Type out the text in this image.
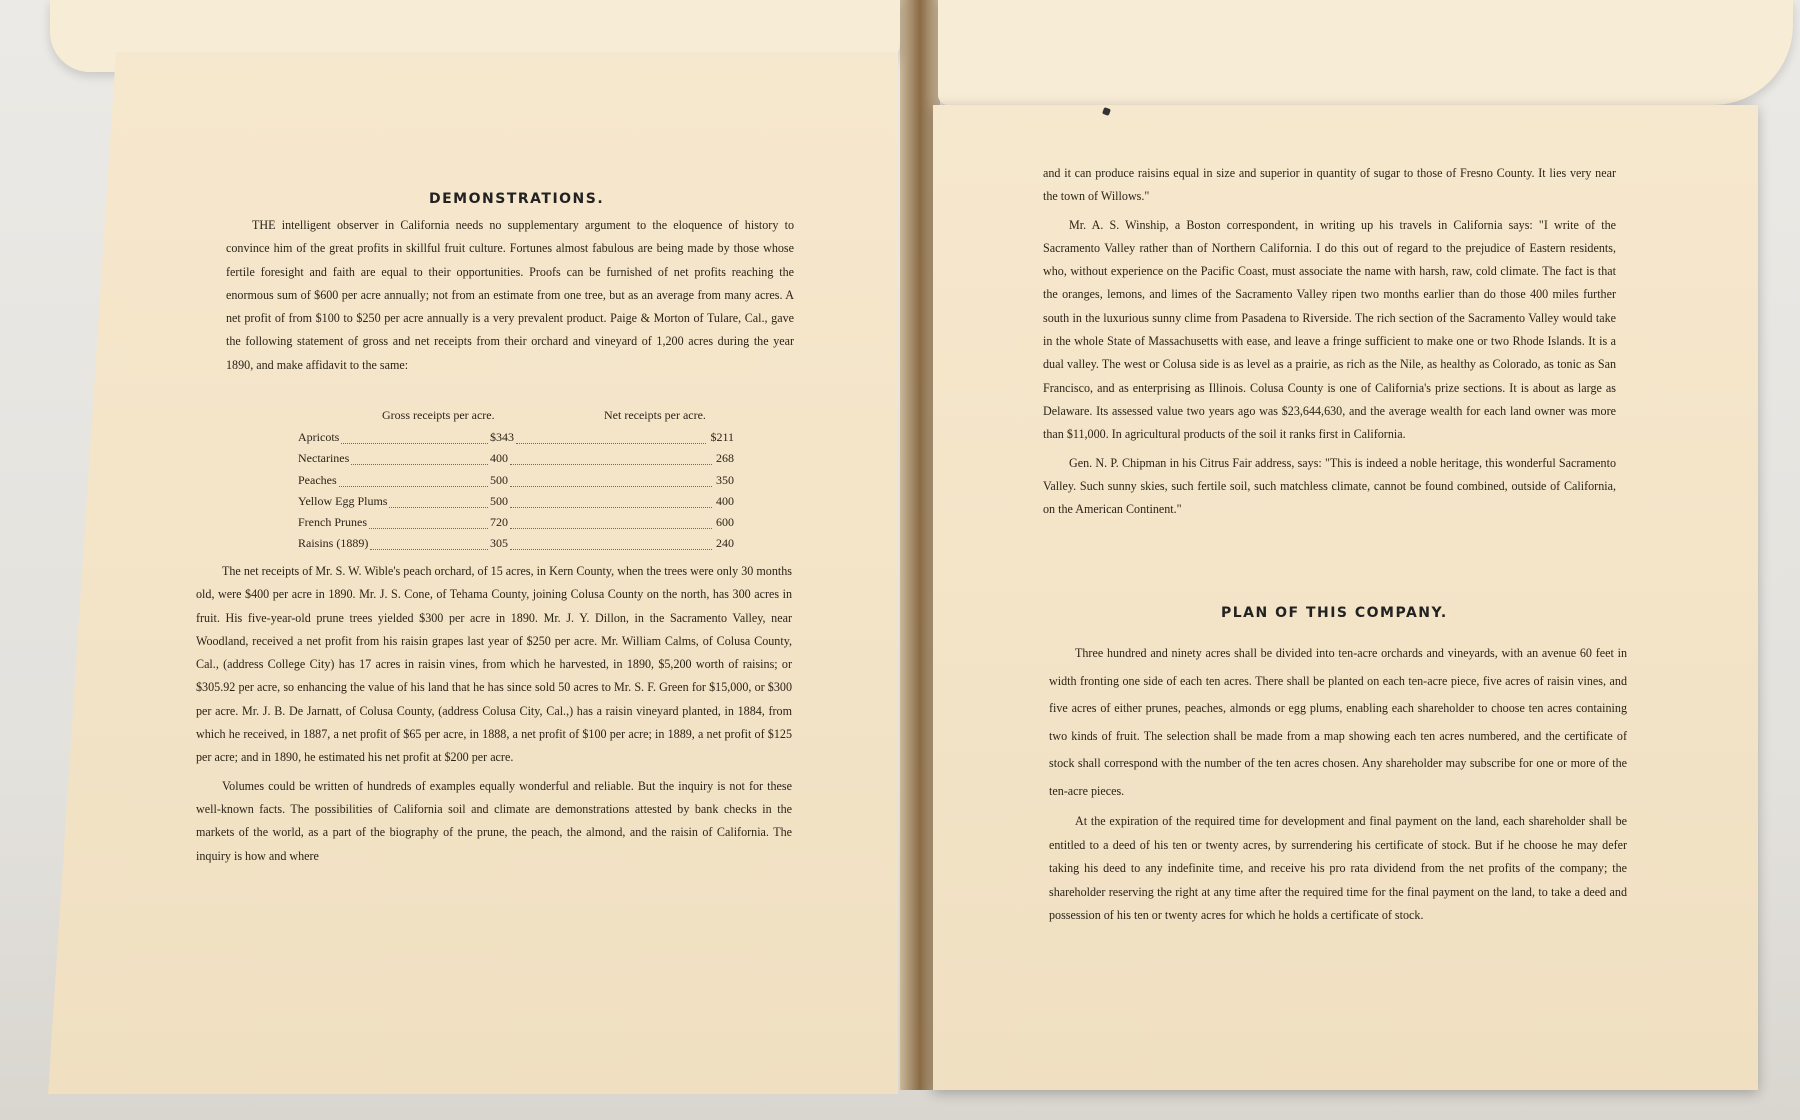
DEMONSTRATIONS.

THE intelligent observer in California needs no supplementary argument to the eloquence of history to convince him of the great profits in skillful fruit culture. Fortunes almost fabulous are being made by those whose fertile foresight and faith are equal to their opportunities. Proofs can be furnished of net profits reaching the enormous sum of $600 per acre annually; not from an estimate from one tree, but as an average from many acres. A net profit of from $100 to $250 per acre annually is a very prevalent product. Paige & Morton of Tulare, Cal., gave the following statement of gross and net receipts from their orchard and vineyard of 1,200 acres during the year 1890, and make affidavit to the same:

Gross receipts per acre.	Net receipts per acre.
Apricots	$343	$211
Nectarines	400	268
Peaches	500	350
Yellow Egg Plums	500	400
French Prunes	720	600
Raisins (1889)	305	240

The net receipts of Mr. S. W. Wible's peach orchard, of 15 acres, in Kern County, when the trees were only 30 months old, were $400 per acre in 1890. Mr. J. S. Cone, of Tehama County, joining Colusa County on the north, has 300 acres in fruit. His five-year-old prune trees yielded $300 per acre in 1890. Mr. J. Y. Dillon, in the Sacramento Valley, near Woodland, received a net profit from his raisin grapes last year of $250 per acre. Mr. William Calms, of Colusa County, Cal., (address College City) has 17 acres in raisin vines, from which he harvested, in 1890, $5,200 worth of raisins; or $305.92 per acre, so enhancing the value of his land that he has since sold 50 acres to Mr. S. F. Green for $15,000, or $300 per acre. Mr. J. B. De Jarnatt, of Colusa County, (address Colusa City, Cal.,) has a raisin vineyard planted, in 1884, from which he received, in 1887, a net profit of $65 per acre, in 1888, a net profit of $100 per acre; in 1889, a net profit of $125 per acre; and in 1890, he estimated his net profit at $200 per acre.

Volumes could be written of hundreds of examples equally wonderful and reliable. But the inquiry is not for these well-known facts. The possibilities of California soil and climate are demonstrations attested by bank checks in the markets of the world, as a part of the biography of the prune, the peach, the almond, and the raisin of California. The inquiry is how and where

and it can produce raisins equal in size and superior in quantity of sugar to those of Fresno County. It lies very near the town of Willows."

Mr. A. S. Winship, a Boston correspondent, in writing up his travels in California says: "I write of the Sacramento Valley rather than of Northern California. I do this out of regard to the prejudice of Eastern residents, who, without experience on the Pacific Coast, must associate the name with harsh, raw, cold climate. The fact is that the oranges, lemons, and limes of the Sacramento Valley ripen two months earlier than do those 400 miles further south in the luxurious sunny clime from Pasadena to Riverside. The rich section of the Sacramento Valley would take in the whole State of Massachusetts with ease, and leave a fringe sufficient to make one or two Rhode Islands. It is a dual valley. The west or Colusa side is as level as a prairie, as rich as the Nile, as healthy as Colorado, as tonic as San Francisco, and as enterprising as Illinois. Colusa County is one of California's prize sections. It is about as large as Delaware. Its assessed value two years ago was $23,644,630, and the average wealth for each land owner was more than $11,000. In agricultural products of the soil it ranks first in California.

Gen. N. P. Chipman in his Citrus Fair address, says: "This is indeed a noble heritage, this wonderful Sacramento Valley. Such sunny skies, such fertile soil, such matchless climate, cannot be found combined, outside of California, on the American Continent."

PLAN OF THIS COMPANY.

Three hundred and ninety acres shall be divided into ten-acre orchards and vineyards, with an avenue 60 feet in width fronting one side of each ten acres. There shall be planted on each ten-acre piece, five acres of raisin vines, and five acres of either prunes, peaches, almonds or egg plums, enabling each shareholder to choose ten acres containing two kinds of fruit. The selection shall be made from a map showing each ten acres numbered, and the certificate of stock shall correspond with the number of the ten acres chosen. Any shareholder may subscribe for one or more of the ten-acre pieces.

At the expiration of the required time for development and final payment on the land, each shareholder shall be entitled to a deed of his ten or twenty acres, by surrendering his certificate of stock. But if he choose he may defer taking his deed to any indefinite time, and receive his pro rata dividend from the net profits of the company; the shareholder reserving the right at any time after the required time for the final payment on the land, to take a deed and possession of his ten or twenty acres for which he holds a certificate of stock.
